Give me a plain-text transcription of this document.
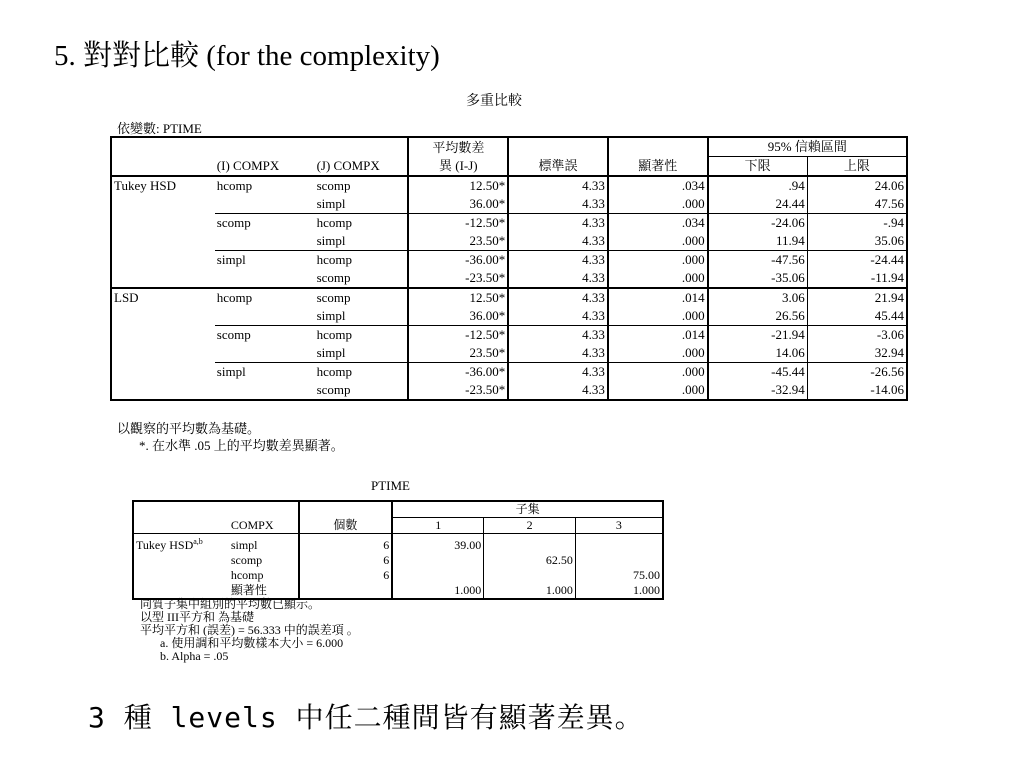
5. 對對比較 (for the complexity)
多重比較
依變數: PTIME
			平均數差			95% 信賴區間	
	(I) COMPX	(J) COMPX	異 (I-J)	標準誤	顯著性	下限	上限
Tukey HSD	hcomp	scomp	12.50*	4.33	.034	.94	24.06
		simpl	36.00*	4.33	.000	24.44	47.56
	scomp	hcomp	-12.50*	4.33	.034	-24.06	-.94
		simpl	23.50*	4.33	.000	11.94	35.06
	simpl	hcomp	-36.00*	4.33	.000	-47.56	-24.44
		scomp	-23.50*	4.33	.000	-35.06	-11.94
LSD	hcomp	scomp	12.50*	4.33	.014	3.06	21.94
		simpl	36.00*	4.33	.000	26.56	45.44
	scomp	hcomp	-12.50*	4.33	.014	-21.94	-3.06
		simpl	23.50*	4.33	.000	14.06	32.94
	simpl	hcomp	-36.00*	4.33	.000	-45.44	-26.56
		scomp	-23.50*	4.33	.000	-32.94	-14.06
以觀察的平均數為基礎。
*. 在水準 .05 上的平均數差異顯著。
PTIME
			子集		
	COMPX	個數	1	2	3
Tukey HSD$^{a,b}$	simpl	6	39.00		
	scomp	6		62.50	
	hcomp	6			75.00
	顯著性		1.000	1.000	1.000
同質子集中組別的平均數已顯示。
以型 III平方和 為基礎
平均平方和 (誤差) = 56.333 中的誤差項 。
a. 使用調和平均數樣本大小 = 6.000
b. Alpha = .05
3 種 levels 中任二種間皆有顯著差異。
